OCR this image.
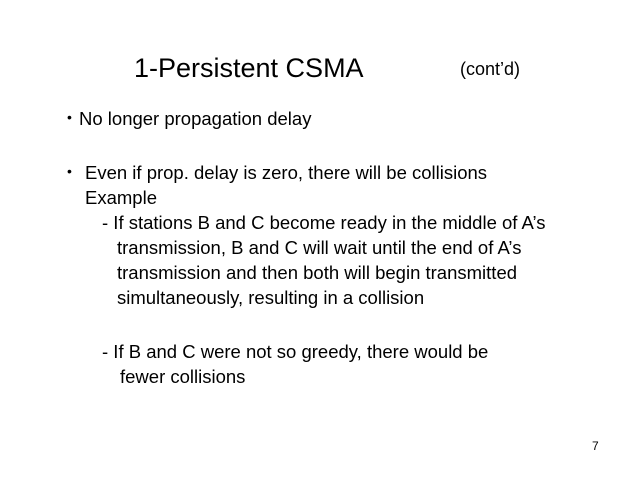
1-Persistent CSMA	(cont’d)
• No longer propagation delay
• Even if prop. delay is zero, there will be collisions
Example
- If stations B and C become ready in the middle of A’s
transmission, B and C will wait until the end of A’s
transmission and then both will begin transmitted
simultaneously, resulting in a collision
- If B and C were not so greedy, there would be
fewer collisions
7
